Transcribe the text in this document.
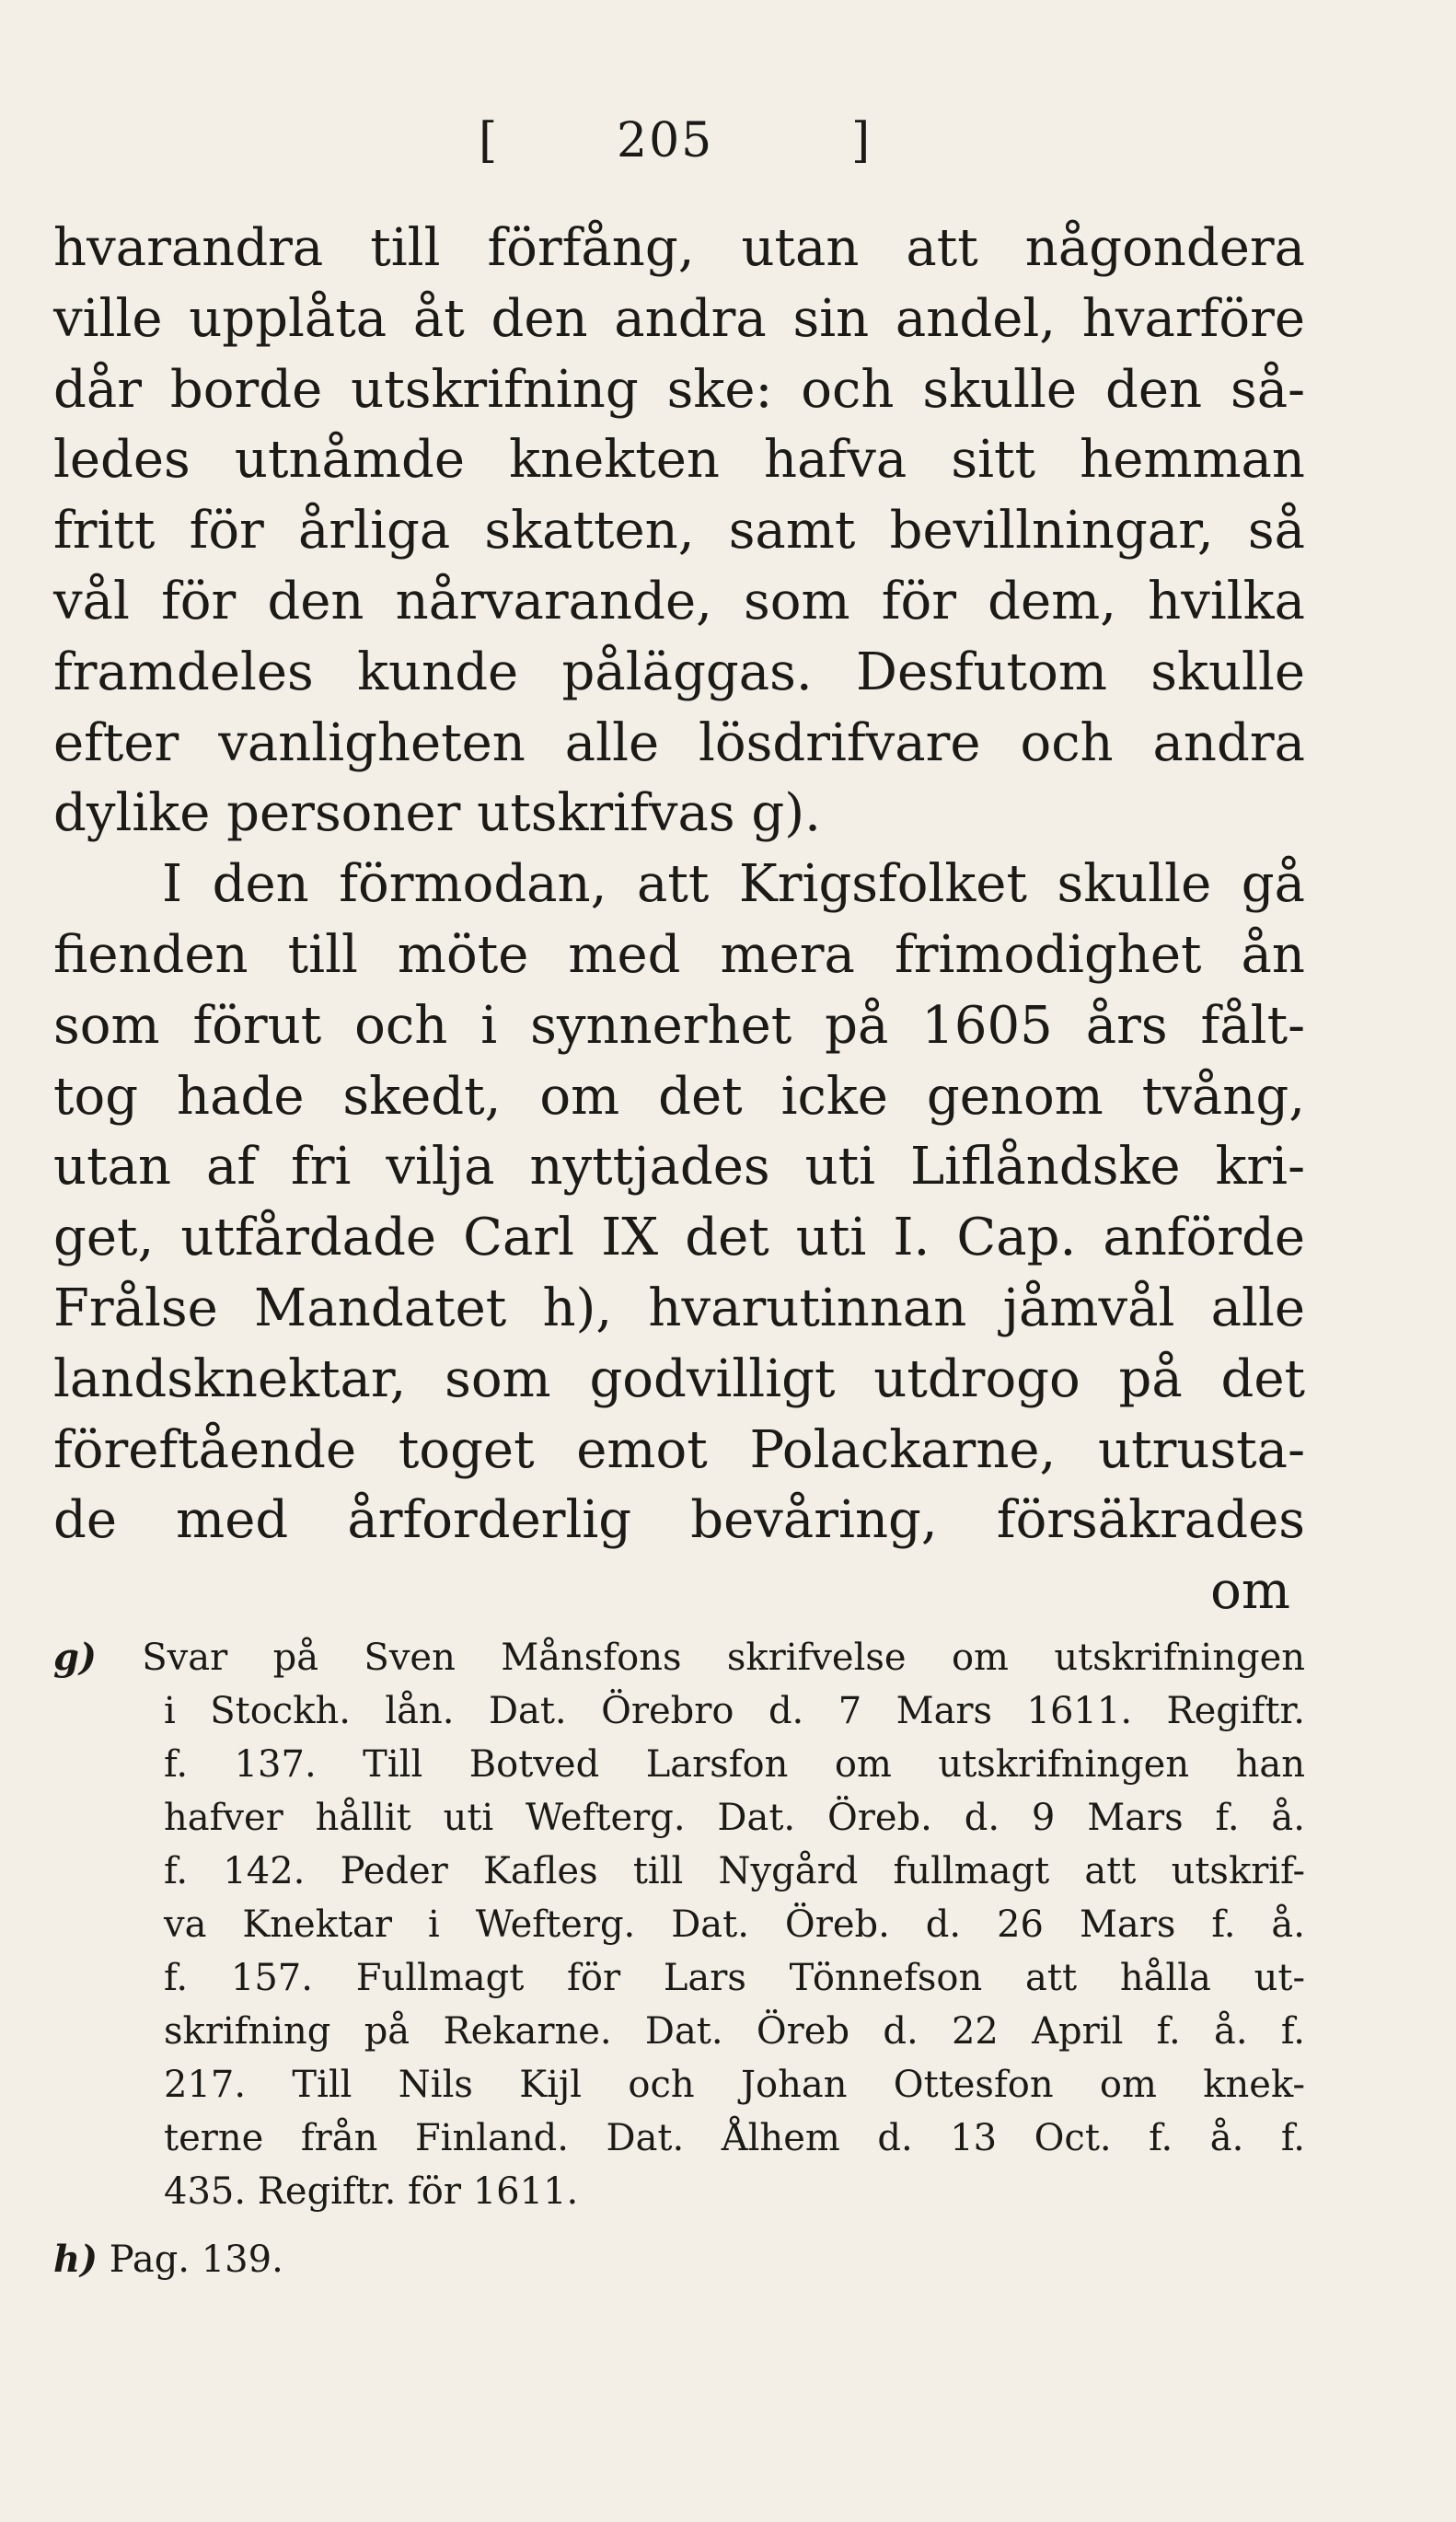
[ 205	]
hvarandra till förfång, utan att någondera
ville upplåta åt den andra sin andel, hvarföre
dår borde utskrifning ske: och skulle den så-
ledes utnåmde knekten hafva sitt hemman
fritt för årliga skatten, samt bevillningar, så
vål för den nårvarande, som för dem, hvilka
framdeles kunde påläggas. Desfutom skulle
efter vanligheten alle lösdrifvare och andra
dylike personer utskrifvas g).
I den förmodan, att Krigsfolket skulle gå
fienden till möte med mera frimodighet ån
som förut och i synnerhet på 1605 års fålt-
tog hade skedt, om det icke genom tvång,
utan af fri vilja nyttjades uti Liflåndske kri-
get, utfårdade Carl IX det uti I. Cap. anförde
Frålse Mandatet h), hvarutinnan jåmvål alle
landsknektar, som godvilligt utdrogo på det
föreftående toget emot Polackarne, utrusta-
de med årforderlig bevåring, försäkrades
om
g) Svar på Sven Månsfons skrifvelse om utskrifningen
i Stockh. lån. Dat. Örebro d. 7 Mars 1611. Regiftr.
f. 137. Till Botved Larsfon om utskrifningen han
hafver hållit uti Wefterg. Dat. Öreb. d. 9 Mars f. å.
f. 142. Peder Kafles till Nygård fullmagt att utskrif-
va Knektar i Wefterg. Dat. Öreb. d. 26 Mars f. å.
f. 157. Fullmagt för Lars Tönnefson att hålla ut-
skrifning på Rekarne. Dat. Öreb d. 22 April f. å. f.
217. Till Nils Kijl och Johan Ottesfon om knek-
terne från Finland. Dat. Ålhem d. 13 Oct. f. å. f.
435. Regiftr. för 1611.
h) Pag. 139.
